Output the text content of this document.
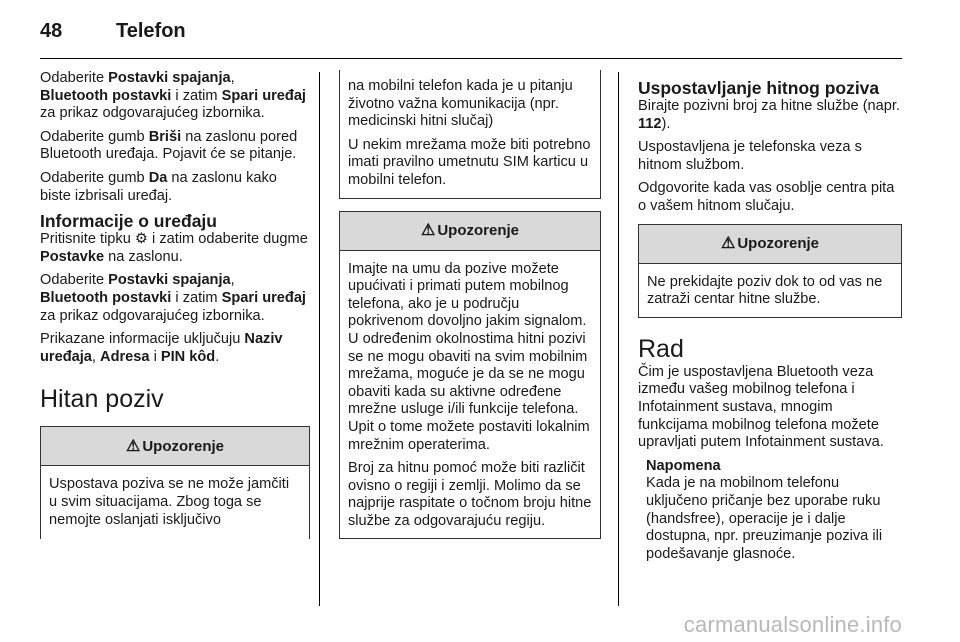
48	Telefon

Odaberite Postavki spajanja,
Bluetooth postavki i zatim Spari uređaj za prikaz odgovarajućeg izbornika.

Odaberite gumb Briši na zaslonu pored Bluetooth uređaja. Pojavit će se pitanje.

Odaberite gumb Da na zaslonu kako biste izbrisali uređaj.

Informacije o uređaju

Pritisnite tipku ⚙ i zatim odaberite dugme Postavke na zaslonu.

Odaberite Postavki spajanja,
Bluetooth postavki i zatim Spari uređaj za prikaz odgovarajućeg izbornika.

Prikazane informacije uključuju Naziv uređaja, Adresa i PIN kôd.

Hitan poziv
⚠ Upozorenje
Uspostava poziva se ne može jamčiti u svim situacijama. Zbog toga se nemojte oslanjati isključivo

na mobilni telefon kada je u pitanju životno važna komunikacija (npr. medicinski hitni slučaj)

U nekim mrežama može biti potrebno imati pravilno umetnutu SIM karticu u mobilni telefon.

⚠ Upozorenje

Imajte na umu da pozive možete upućivati i primati putem mobilnog telefona, ako je u području pokrivenom dovoljno jakim signalom. U određenim okolnostima hitni pozivi se ne mogu obaviti na svim mobilnim mrežama, moguće je da se ne mogu obaviti kada su aktivne određene mrežne usluge i/ili funkcije telefona. Upit o tome možete postaviti lokalnim mrežnim operaterima.

Broj za hitnu pomoć može biti različit ovisno o regiji i zemlji. Molimo da se najprije raspitate o točnom broju hitne službe za odgovarajuću regiju.

Uspostavljanje hitnog poziva

Birajte pozivni broj za hitne službe (napr. 112).

Uspostavljena je telefonska veza s hitnom službom.

Odgovorite kada vas osoblje centra pita o vašem hitnom slučaju.

⚠ Upozorenje
Ne prekidajte poziv dok to od vas ne zatraži centar hitne službe.
Rad

Čim je uspostavljena Bluetooth veza između vašeg mobilnog telefona i Infotainment sustava, mnogim funkcijama mobilnog telefona možete upravljati putem Infotainment sustava.

Napomena

Kada je na mobilnom telefonu uključeno pričanje bez uporabe ruku (handsfree), operacije je i dalje dostupna, npr. preuzimanje poziva ili podešavanje glasnoće.

carmanualsonline.info
